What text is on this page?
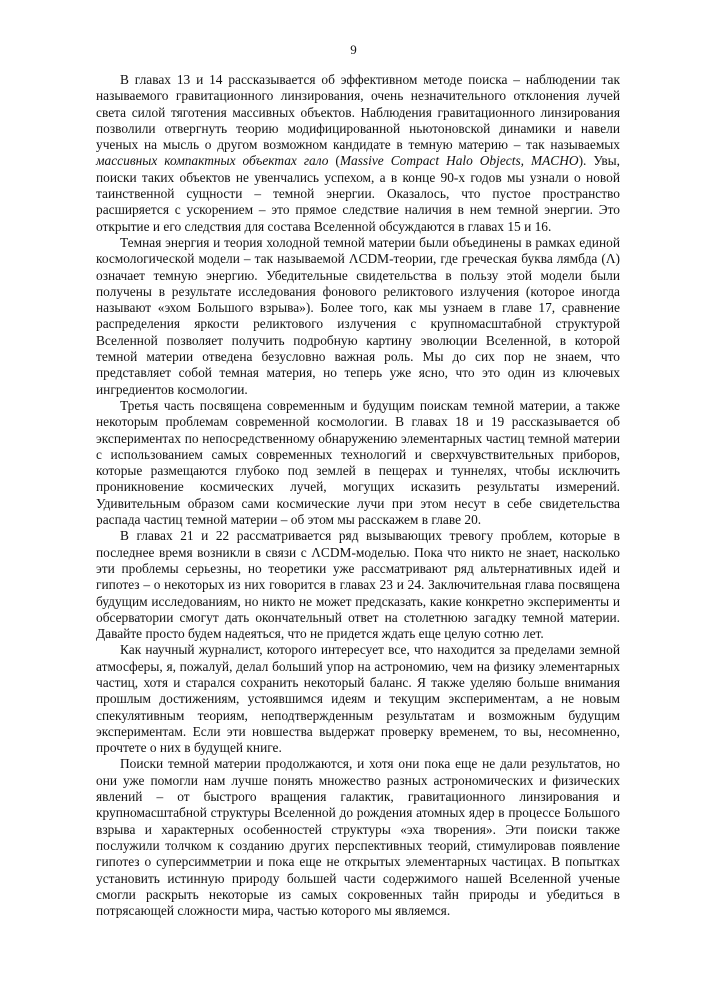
9

В главах 13 и 14 рассказывается об эффективном методе поиска – наблюдении так называемого гравитационного линзирования, очень незначительного отклонения лучей света силой тяготения массивных объектов. Наблюдения гравитационного линзирования позволили отвергнуть теорию модифицированной ньютоновской динамики и навели ученых на мысль о другом возможном кандидате в темную материю – так называемых массивных компактных объектах гало (Massive Compact Halo Objects, MACHO). Увы, поиски таких объектов не увенчались успехом, а в конце 90-х годов мы узнали о новой таинственной сущности – темной энергии. Оказалось, что пустое пространство расширяется с ускорением – это прямое следствие наличия в нем темной энергии. Это открытие и его следствия для состава Вселенной обсуждаются в главах 15 и 16.

Темная энергия и теория холодной темной материи были объединены в рамках единой космологической модели – так называемой ΛCDM-теории, где греческая буква лямбда (Λ) означает темную энергию. Убедительные свидетельства в пользу этой модели были получены в результате исследования фонового реликтового излучения (которое иногда называют «эхом Большого взрыва»). Более того, как мы узнаем в главе 17, сравнение распределения яркости реликтового излучения с крупномасштабной структурой Вселенной позволяет получить подробную картину эволюции Вселенной, в которой темной материи отведена безусловно важная роль. Мы до сих пор не знаем, что представляет собой темная материя, но теперь уже ясно, что это один из ключевых ингредиентов космологии.

Третья часть посвящена современным и будущим поискам темной материи, а также некоторым проблемам современной космологии. В главах 18 и 19 рассказывается об экспериментах по непосредственному обнаружению элементарных частиц темной материи с использованием самых современных технологий и сверхчувствительных приборов, которые размещаются глубоко под землей в пещерах и туннелях, чтобы исключить проникновение космических лучей, могущих исказить результаты измерений. Удивительным образом сами космические лучи при этом несут в себе свидетельства распада частиц темной материи – об этом мы расскажем в главе 20.

В главах 21 и 22 рассматривается ряд вызывающих тревогу проблем, которые в последнее время возникли в связи с ΛCDM-моделью. Пока что никто не знает, насколько эти проблемы серьезны, но теоретики уже рассматривают ряд альтернативных идей и гипотез – о некоторых из них говорится в главах 23 и 24. Заключительная глава посвящена будущим исследованиям, но никто не может предсказать, какие конкретно эксперименты и обсерватории смогут дать окончательный ответ на столетнюю загадку темной материи. Давайте просто будем надеяться, что не придется ждать еще целую сотню лет.

Как научный журналист, которого интересует все, что находится за пределами земной атмосферы, я, пожалуй, делал больший упор на астрономию, чем на физику элементарных частиц, хотя и старался сохранить некоторый баланс. Я также уделяю больше внимания прошлым достижениям, устоявшимся идеям и текущим экспериментам, а не новым спекулятивным теориям, неподтвержденным результатам и возможным будущим экспериментам. Если эти новшества выдержат проверку временем, то вы, несомненно, прочтете о них в будущей книге.

Поиски темной материи продолжаются, и хотя они пока еще не дали результатов, но они уже помогли нам лучше понять множество разных астрономических и физических явлений – от быстрого вращения галактик, гравитационного линзирования и крупномасштабной структуры Вселенной до рождения атомных ядер в процессе Большого взрыва и характерных особенностей структуры «эха творения». Эти поиски также послужили толчком к созданию других перспективных теорий, стимулировав появление гипотез о суперсимметрии и пока еще не открытых элементарных частицах. В попытках установить истинную природу большей части содержимого нашей Вселенной ученые смогли раскрыть некоторые из самых сокровенных тайн природы и убедиться в потрясающей сложности мира, частью которого мы являемся.
